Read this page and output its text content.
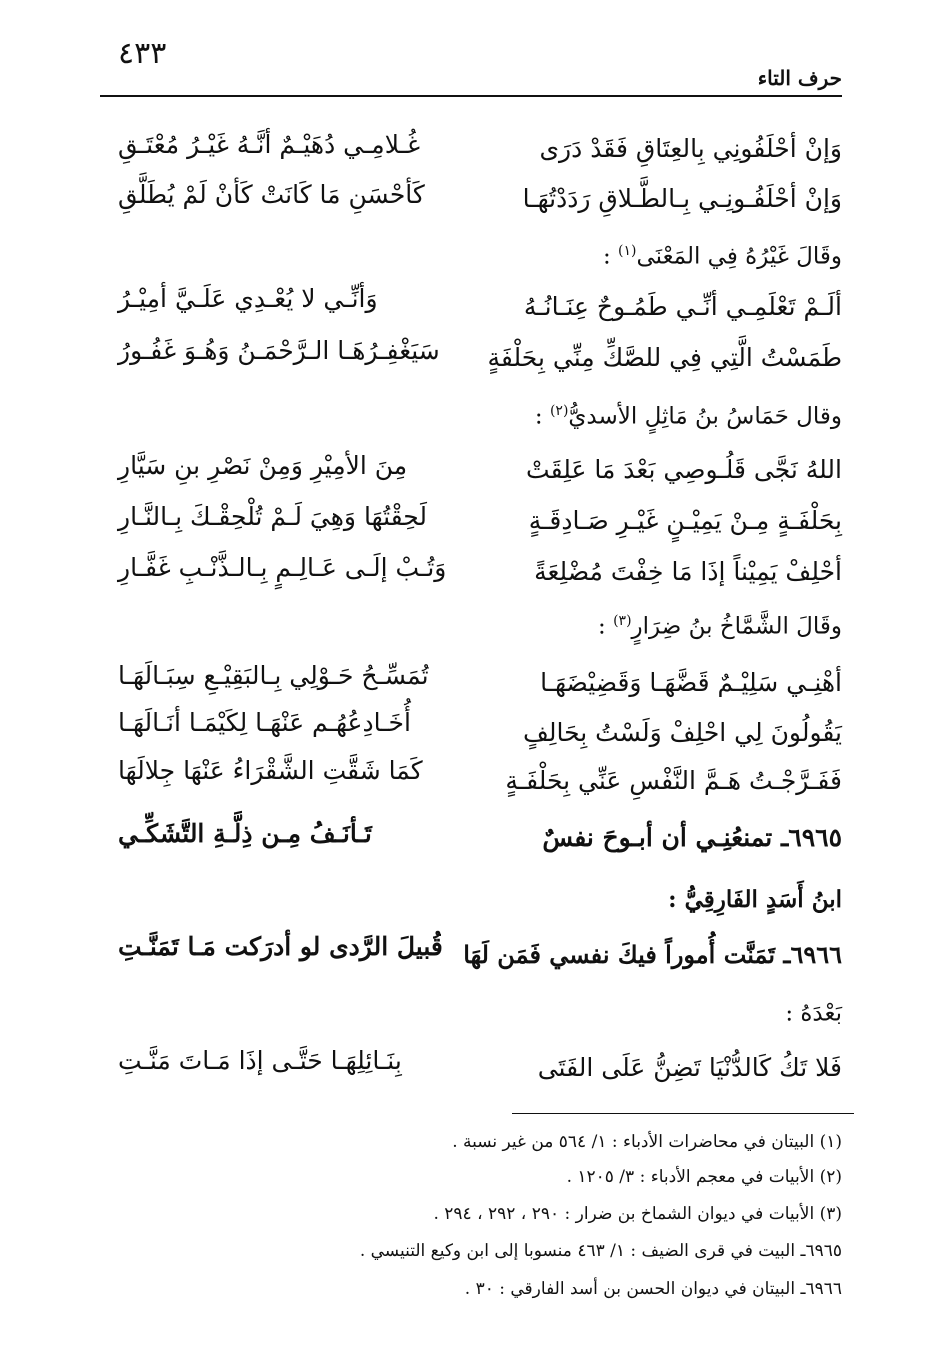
٤٣٣
حرف التاء
وَإنْ أحْلَفُونِي بِالعِتَاقِ فَقَدْ دَرَى
غُـلامِـي دُهَيْـمٌ أنَّـهُ غَيْـرُ مُعْتَـقِ
وَإنْ أحْلَفُـونِـي بِـالطَّـلاقِ رَدَدْتُهَـا
كَأحْسَنِ مَا كَانَتْ كَأنْ لَمْ يُطَلَّقِ
وقَالَ غَيْرُهُ فِي المَعْنَى$^{(١)}$ :
ألَـمْ تَعْلَمِـي أنِّـي طَمُـوحٌ عِنَـانُـهُ
وَأنِّـي لا يُعْـدِي عَلَـيَّ أمِيْـرُ
طَمَسْتُ الَّتِي فِي للصَّكِّ مِنِّي بِحَلْفَةٍ
سَيَغْفِـرُهَـا الـرَّحْمَـنُ وَهُـوَ غَفُـورُ
وقال حَمَاسُ بنُ مَاثِلٍ الأسديُّ$^{(٢)}$ :
اللهُ نَجَّى قَلُـوصِي بَعْدَ مَا عَلِقَتْ
مِنَ الأمِيْرِ وَمِنْ نَصْرِ بنِ سَيَّارِ
بِحَلْفَـةٍ مِـنْ يَمِيْـنٍ غَيْـرِ صَـادِقَـةٍ
لَحِقْتُهَا وَهِيَ لَـمْ تُلْحِقْـكَ بِـالنَّـارِ
أحْلِفْ يَمِيْناً إذَا مَا خِفْتَ مُضْلِعَةً
وَتُـبْ إلَـى عَـالِـمٍ بِـالـذَّنْـبِ غَفَّـارِ
وقَالَ الشَّمَّاخُ بنُ ضِرَارٍ$^{(٣)}$ :
أهْنِـي سَلِيْـمٌ قَضَّهَـا وَقَضِيْضَهَـا
تُمَسِّـحُ حَـوْلِي بِـالبَقِيْـعِ سِبَـالَهَـا
يَقُولُونَ لِي احْلِفْ وَلَسْتُ بِحَالِفٍ
أُخَـادِعُهُـم عَنْهَـا لِكَيْمَـا أنَـالَهَـا
فَفَـرَّجْـتُ هَـمَّ النَّفْسِ عَنِّي بِحَلْفَـةٍ
كَمَا شَقَّتِ الشَّقْرَاءُ عَنْهَا جِلالَهَا
٦٩٦٥ـ تمنعُنِـي أن أبـوحَ نفسٌ
تَـأنَـفُ مِـن ذِلَّـةِ التَّشَكِّـي
ابنُ أَسَدٍ الفَارِقِيُّ :
٦٩٦٦ـ تَمَنَّت أُموراً فيكَ نفسي فَمَن لَهَا
قُبيلَ الرَّدى لو أدرَكت مَـا تَمَنَّـتِ
بَعْدَهُ :
فَلا تَكُ كَالدُّنْيَا تَضِنُّ عَلَى الفَتَى
بِنَـائِلِهَـا حَتَّـى إذَا مَـاتَ مَنَّـتِ
(١) البيتان في محاضرات الأدباء : ١/ ٥٦٤ من غير نسبة .
(٢) الأبيات في معجم الأدباء : ٣/ ١٢٠٥ .
(٣) الأبيات في ديوان الشماخ بن ضرار : ٢٩٠ ، ٢٩٢ ، ٢٩٤ .
٦٩٦٥ـ البيت في قرى الضيف : ١/ ٤٦٣ منسوبا إلى ابن وكيع التنيسي .
٦٩٦٦ـ البيتان في ديوان الحسن بن أسد الفارقي : ٣٠ .
